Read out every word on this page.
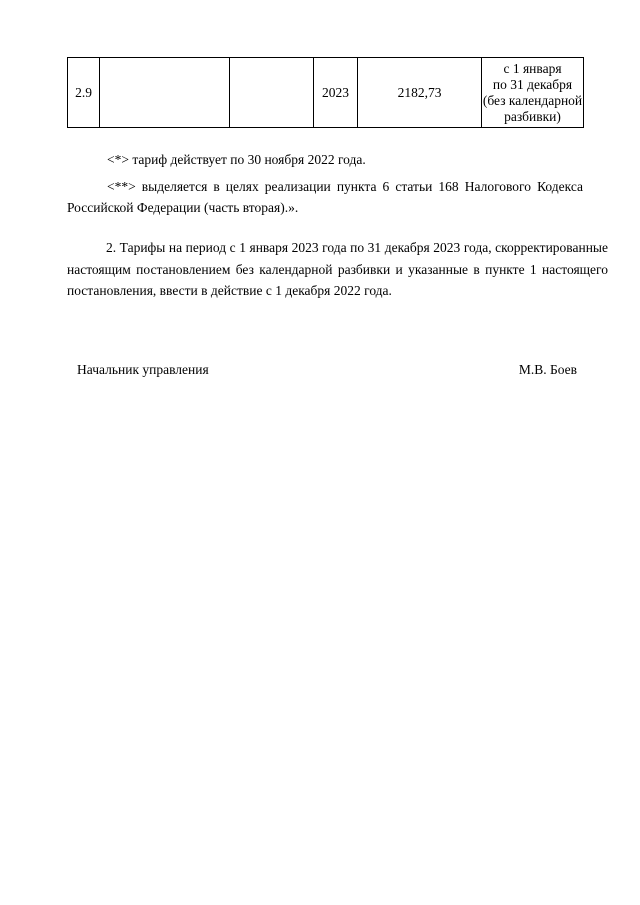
2.9			2023	2182,73	
с 1 января
по 31 декабря
(без календарной
разбивки)
<*> тариф действует по 30 ноября 2022 года.
<**> выделяется в целях реализации пункта 6 статьи 168 Налогового Кодекса Российской Федерации (часть вторая).».
2. Тарифы на период с 1 января 2023 года по 31 декабря 2023 года, скорректированные настоящим постановлением без календарной разбивки и указанные в пункте 1 настоящего постановления, ввести в действие с 1 декабря 2022 года.
Начальник управления	М.В. Боев
